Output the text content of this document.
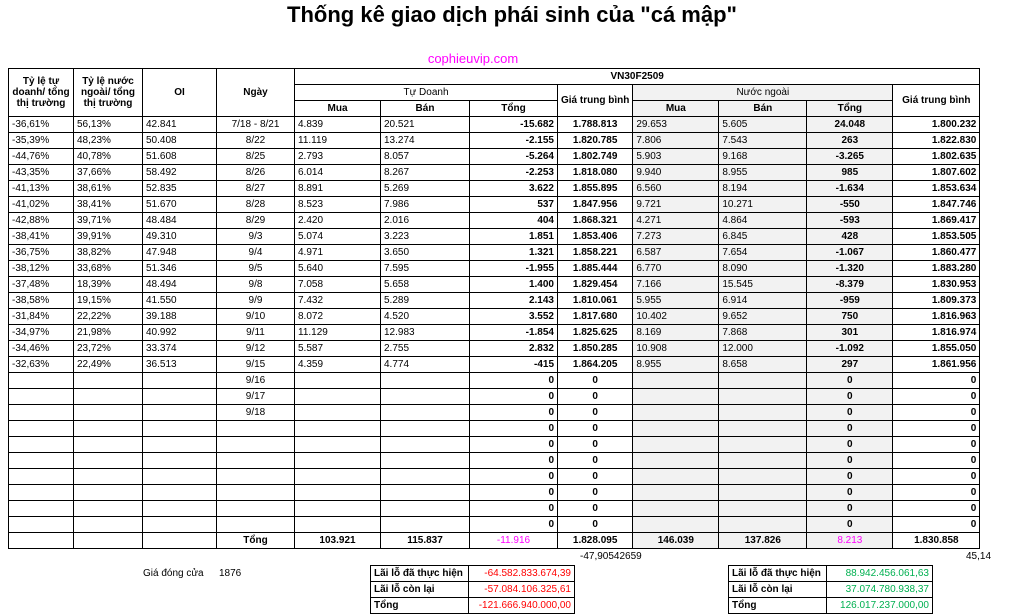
Thống kê giao dịch phái sinh của "cá mập"
cophieuvip.com
Tỷ lệ tự doanh/ tổng thị trường	Tỷ lệ nước ngoài/ tổng thị trường	OI	Ngày	VN30F2509							
				Tự Doanh			Giá trung bình	Nước ngoài			Giá trung bình
				Mua	Bán	Tổng		Mua	Bán	Tổng	
-36,61%	56,13%	42.841	7/18 - 8/21	4.839	20.521	-15.682	1.788.813	29.653	5.605	24.048	1.800.232
-35,39%	48,23%	50.408	8/22	11.119	13.274	-2.155	1.820.785	7.806	7.543	263	1.822.830
-44,76%	40,78%	51.608	8/25	2.793	8.057	-5.264	1.802.749	5.903	9.168	-3.265	1.802.635
-43,35%	37,66%	58.492	8/26	6.014	8.267	-2.253	1.818.080	9.940	8.955	985	1.807.602
-41,13%	38,61%	52.835	8/27	8.891	5.269	3.622	1.855.895	6.560	8.194	-1.634	1.853.634
-41,02%	38,41%	51.670	8/28	8.523	7.986	537	1.847.956	9.721	10.271	-550	1.847.746
-42,88%	39,71%	48.484	8/29	2.420	2.016	404	1.868.321	4.271	4.864	-593	1.869.417
-38,41%	39,91%	49.310	9/3	5.074	3.223	1.851	1.853.406	7.273	6.845	428	1.853.505
-36,75%	38,82%	47.948	9/4	4.971	3.650	1.321	1.858.221	6.587	7.654	-1.067	1.860.477
-38,12%	33,68%	51.346	9/5	5.640	7.595	-1.955	1.885.444	6.770	8.090	-1.320	1.883.280
-37,48%	18,39%	48.494	9/8	7.058	5.658	1.400	1.829.454	7.166	15.545	-8.379	1.830.953
-38,58%	19,15%	41.550	9/9	7.432	5.289	2.143	1.810.061	5.955	6.914	-959	1.809.373
-31,84%	22,22%	39.188	9/10	8.072	4.520	3.552	1.817.680	10.402	9.652	750	1.816.963
-34,97%	21,98%	40.992	9/11	11.129	12.983	-1.854	1.825.625	8.169	7.868	301	1.816.974
-34,46%	23,72%	33.374	9/12	5.587	2.755	2.832	1.850.285	10.908	12.000	-1.092	1.855.050
-32,63%	22,49%	36.513	9/15	4.359	4.774	-415	1.864.205	8.955	8.658	297	1.861.956
			9/16			0	0			0	0
			9/17			0	0			0	0
			9/18			0	0			0	0
						0	0			0	0
						0	0			0	0
						0	0			0	0
						0	0			0	0
						0	0			0	0
						0	0			0	0
						0	0			0	0
			Tổng	103.921	115.837	-11.916	1.828.095	146.039	137.826	8.213	1.830.858
-47,90542659	45,14
Giá đóng cửa 1876	Lãi lỗ đã thực hiện	-64.582.833.674,39
Lãi lỗ còn lại	-57.084.106.325,61
Tổng	-121.666.940.000,00
Lãi lỗ đã thực hiện	88.942.456.061,63
Lãi lỗ còn lại	37.074.780.938,37
Tổng	126.017.237.000,00
